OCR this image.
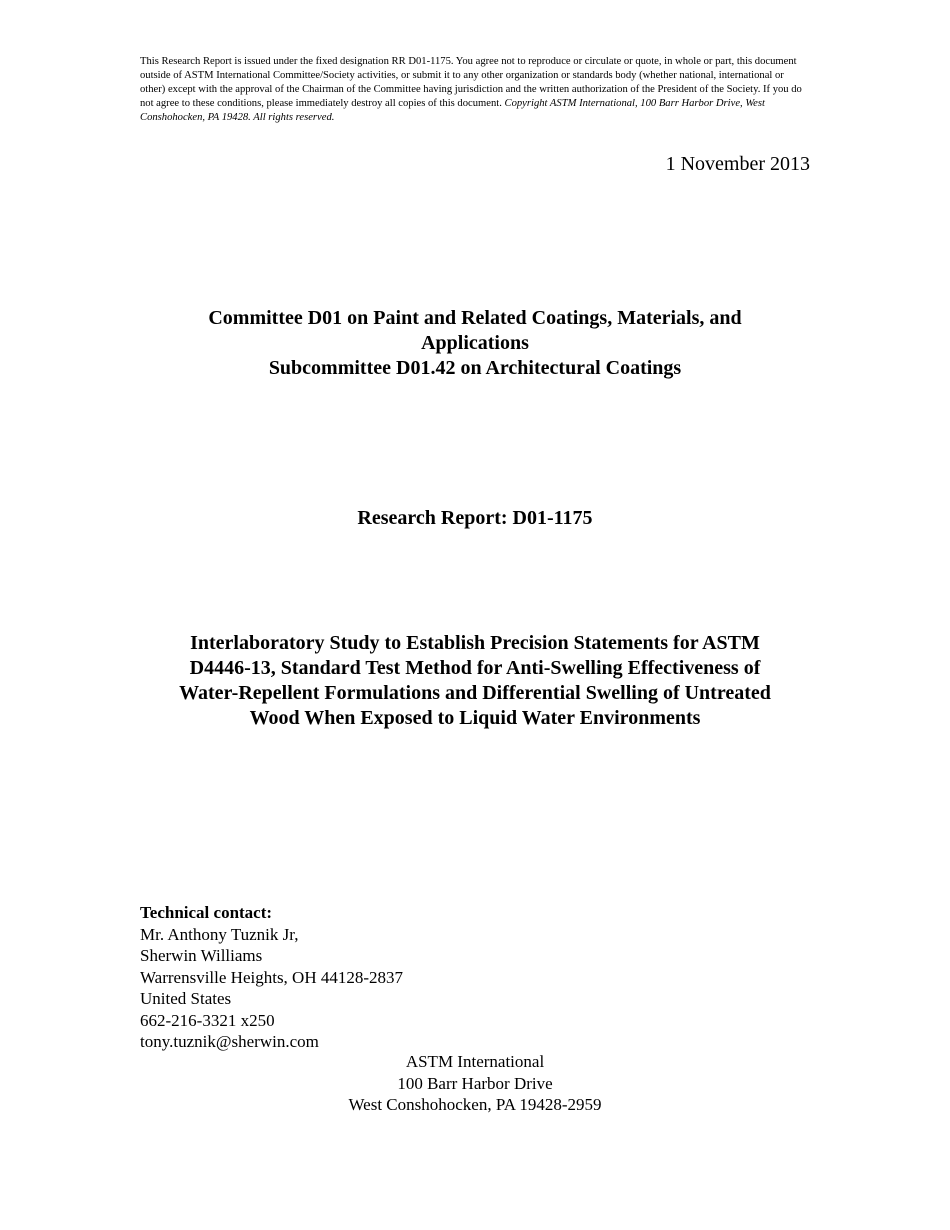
This Research Report is issued under the fixed designation RR D01-1175. You agree not to reproduce or circulate or quote, in whole or part, this document outside of ASTM International Committee/Society activities, or submit it to any other organization or standards body (whether national, international or other) except with the approval of the Chairman of the Committee having jurisdiction and the written authorization of the President of the Society. If you do not agree to these conditions, please immediately destroy all copies of this document. Copyright ASTM International, 100 Barr Harbor Drive, West Conshohocken, PA 19428. All rights reserved.
1 November 2013
Committee D01 on Paint and Related Coatings, Materials, and
Applications
Subcommittee D01.42 on Architectural Coatings
Research Report: D01-1175
Interlaboratory Study to Establish Precision Statements for ASTM
D4446-13, Standard Test Method for Anti-Swelling Effectiveness of
Water-Repellent Formulations and Differential Swelling of Untreated
Wood When Exposed to Liquid Water Environments
Technical contact:
Mr. Anthony Tuznik Jr,
Sherwin Williams
Warrensville Heights, OH 44128-2837
United States
662-216-3321 x250
tony.tuznik@sherwin.com
ASTM International
100 Barr Harbor Drive
West Conshohocken, PA 19428-2959
